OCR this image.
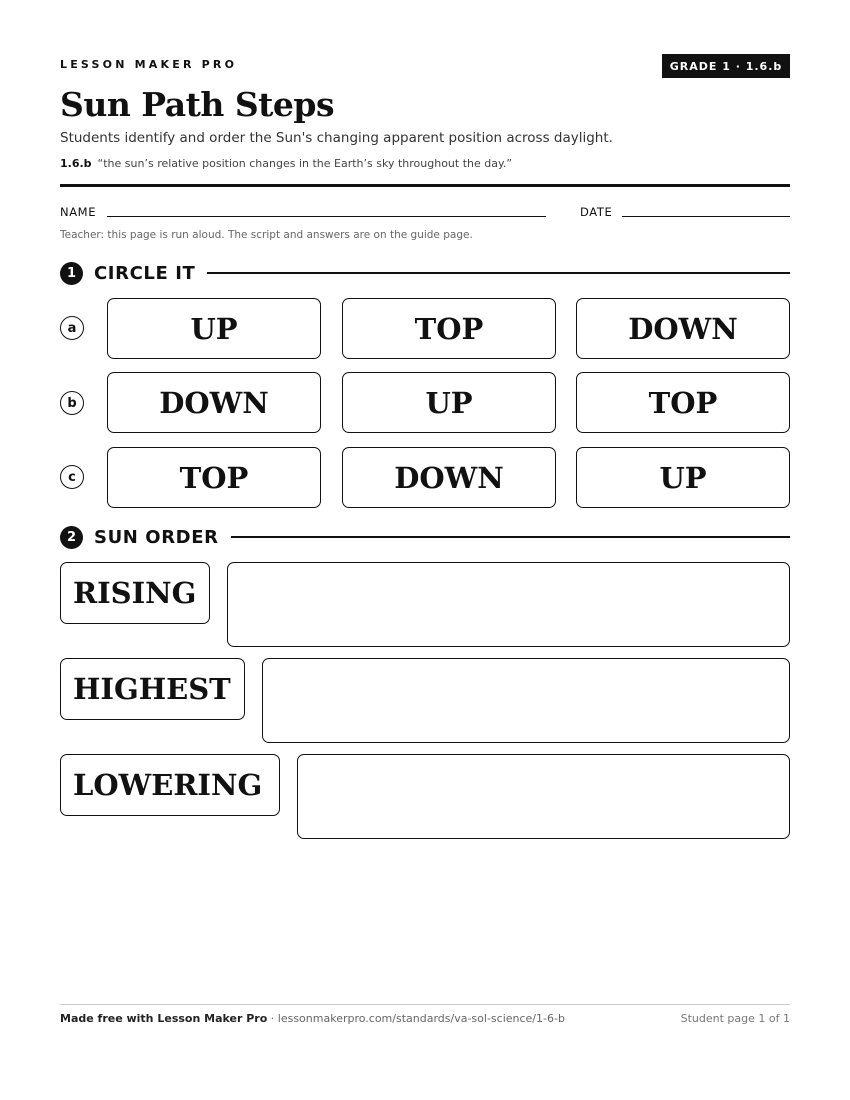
LESSON MAKER PRO	GRADE 1 · 1.6.b
Sun Path Steps
Students identify and order the Sun's changing apparent position across daylight.
1.6.b “the sun’s relative position changes in the Earth’s sky throughout the day.”
NAME	DATE
Teacher: this page is run aloud. The script and answers are on the guide page.
1 CIRCLE IT
a	UP	TOP	DOWN
b	DOWN	UP	TOP
c	TOP	DOWN	UP
2 SUN ORDER
RISING
HIGHEST
LOWERING
Made free with Lesson Maker Pro · lessonmakerpro.com/standards/va-sol-science/1-6-b	Student page 1 of 1
